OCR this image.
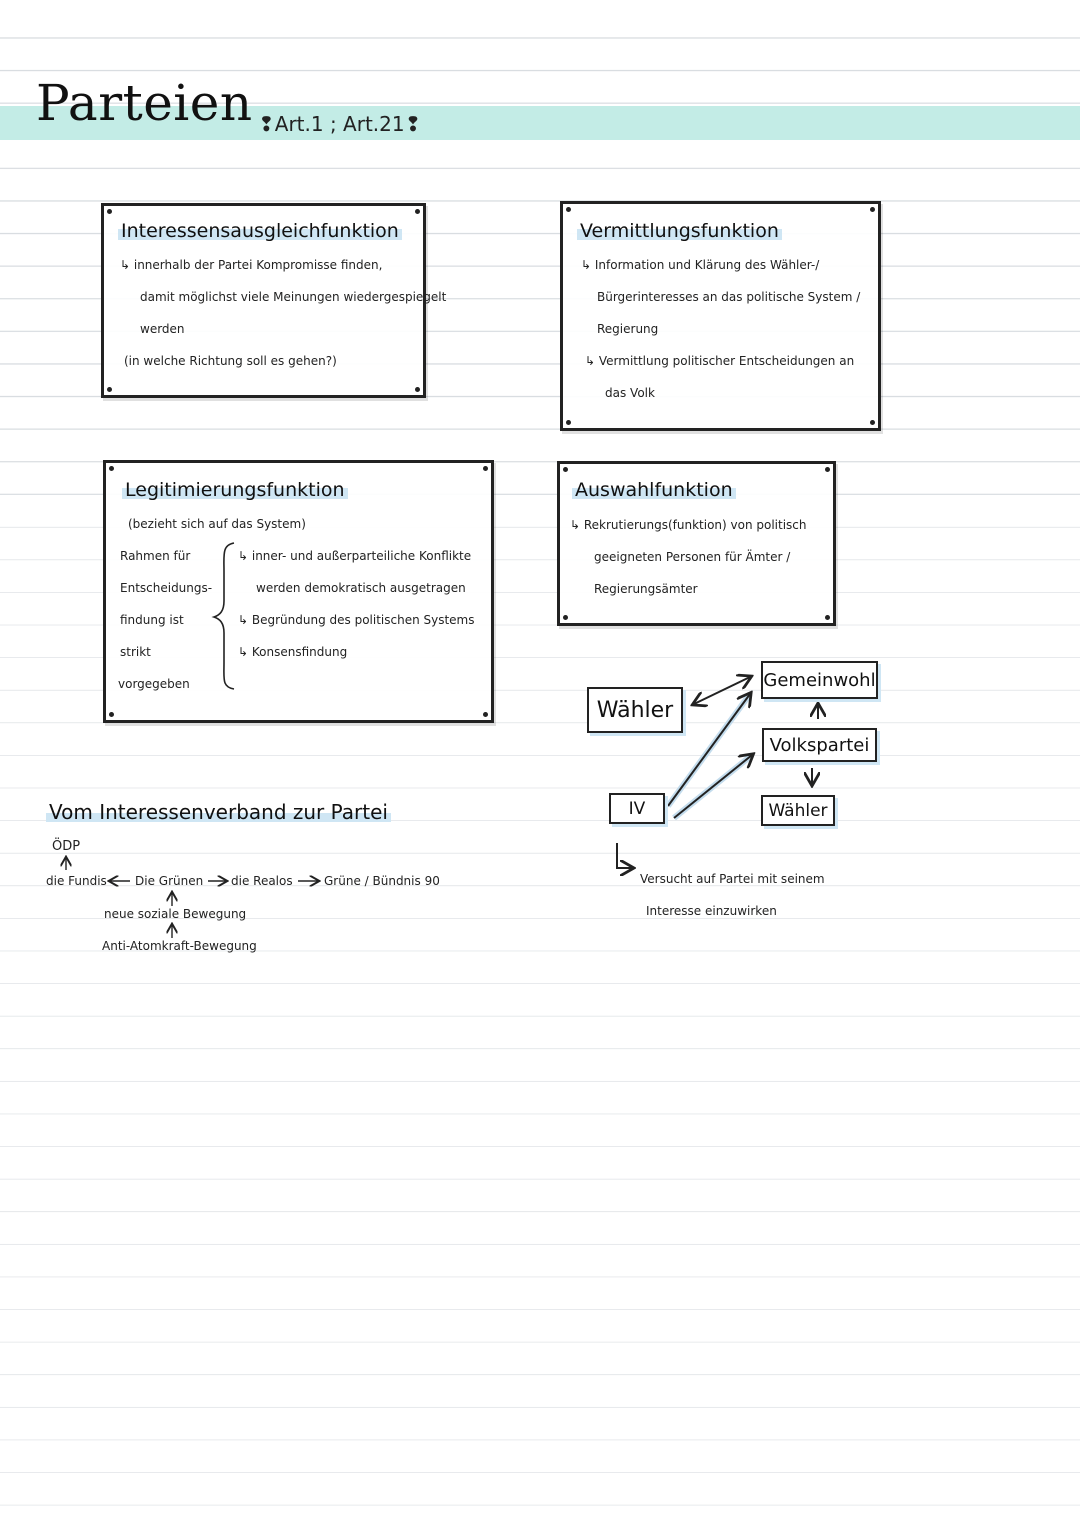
Parteien ❢Art.1 ; Art.21❢
Interessensausgleichfunktion
↳ innerhalb der Partei Kompromisse finden,
damit möglichst viele Meinungen wiedergespiegelt
werden
(in welche Richtung soll es gehen?)
Vermittlungsfunktion
↳ Information und Klärung des Wähler-/
Bürgerinteresses an das politische System /
Regierung
↳ Vermittlung politischer Entscheidungen an
das Volk
Legitimierungsfunktion
(bezieht sich auf das System)
Rahmen für
Entscheidungs-
findung ist
strikt
vorgegeben
↳ inner- und außerparteiliche Konflikte
werden demokratisch ausgetragen
↳ Begründung des politischen Systems
↳ Konsensfindung
Auswahlfunktion
↳ Rekrutierungs(funktion) von politisch
geeigneten Personen für Ämter /
Regierungsämter
Wähler
Gemeinwohl
Volkspartei
Wähler
IV
Versucht auf Partei mit seinem
Interesse einzuwirken
Vom Interessenverband zur Partei
ÖDP
die Fundis Die Grünen die Realos	Grüne / Bündnis 90
neue soziale Bewegung
Anti-Atomkraft-Bewegung
